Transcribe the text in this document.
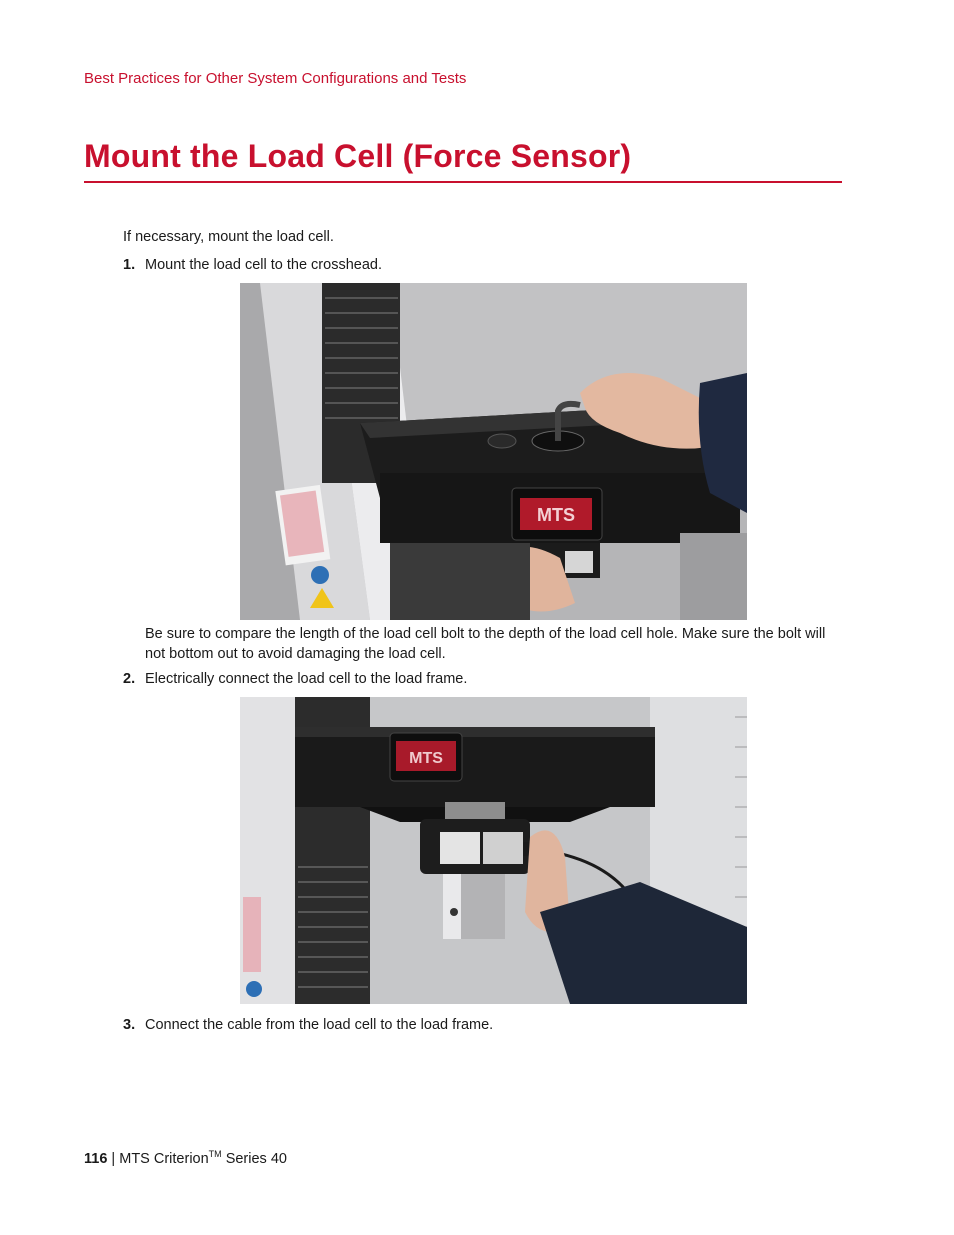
Best Practices for Other System Configurations and Tests
Mount the Load Cell (Force Sensor)
If necessary, mount the load cell.
1. Mount the load cell to the crosshead.
MTS
Be sure to compare the length of the load cell bolt to the depth of the load cell hole. Make sure the bolt will not bottom out to avoid damaging the load cell.
2. Electrically connect the load cell to the load frame.
MTS
3. Connect the cable from the load cell to the load frame.
116 | MTS Criterion™ Series 40
